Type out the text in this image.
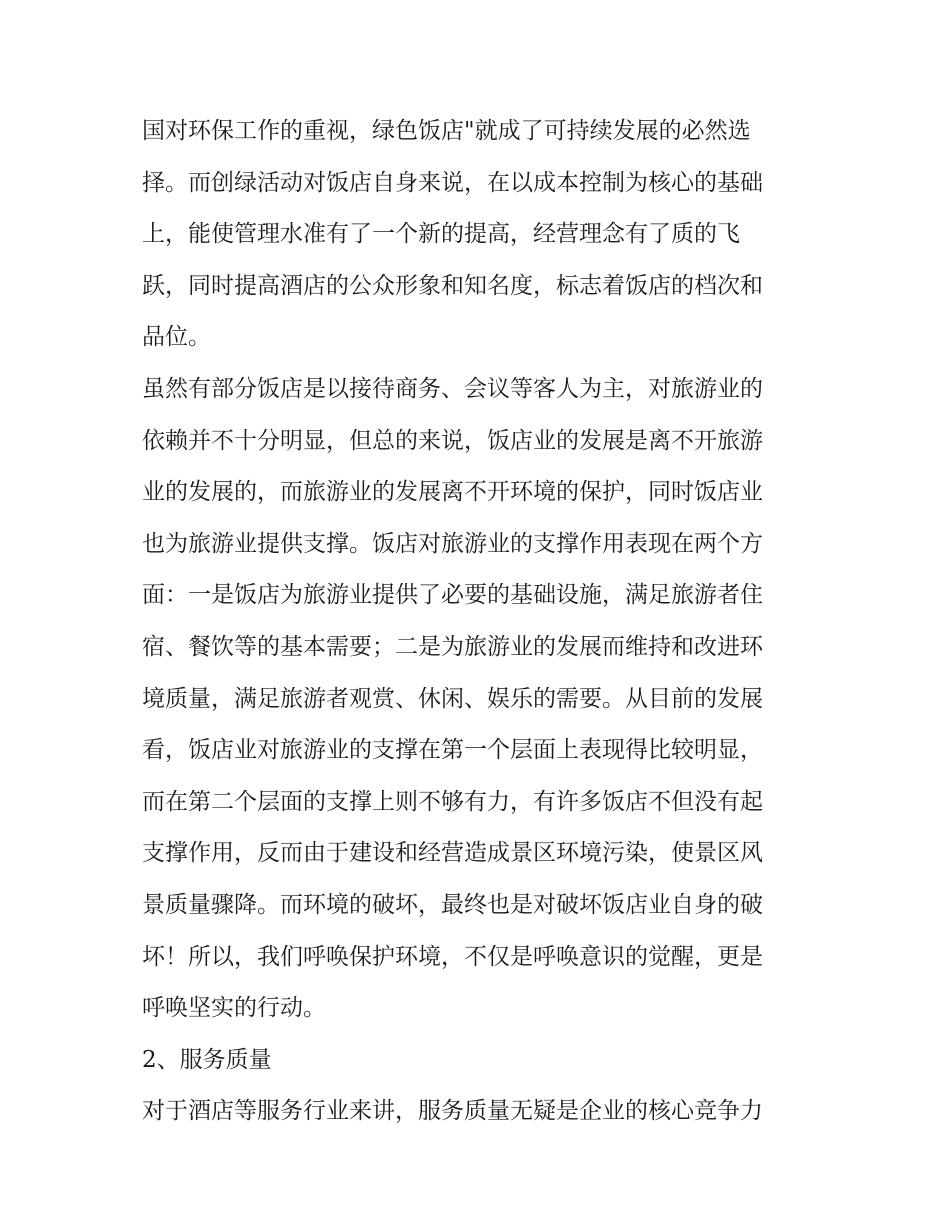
国对环保工作的重视，绿色饭店"就成了可持续发展的必然选
择。而创绿活动对饭店自身来说，在以成本控制为核心的基础
上，能使管理水准有了一个新的提高，经营理念有了质的飞
跃，同时提高酒店的公众形象和知名度，标志着饭店的档次和
品位。
虽然有部分饭店是以接待商务、会议等客人为主，对旅游业的
依赖并不十分明显，但总的来说，饭店业的发展是离不开旅游
业的发展的，而旅游业的发展离不开环境的保护，同时饭店业
也为旅游业提供支撑。饭店对旅游业的支撑作用表现在两个方
面：一是饭店为旅游业提供了必要的基础设施，满足旅游者住
宿、餐饮等的基本需要；二是为旅游业的发展而维持和改进环
境质量，满足旅游者观赏、休闲、娱乐的需要。从目前的发展
看，饭店业对旅游业的支撑在第一个层面上表现得比较明显，
而在第二个层面的支撑上则不够有力，有许多饭店不但没有起
支撑作用，反而由于建设和经营造成景区环境污染，使景区风
景质量骤降。而环境的破坏，最终也是对破坏饭店业自身的破
坏！所以，我们呼唤保护环境，不仅是呼唤意识的觉醒，更是
呼唤坚实的行动。
2、服务质量
对于酒店等服务行业来讲，服务质量无疑是企业的核心竞争力
